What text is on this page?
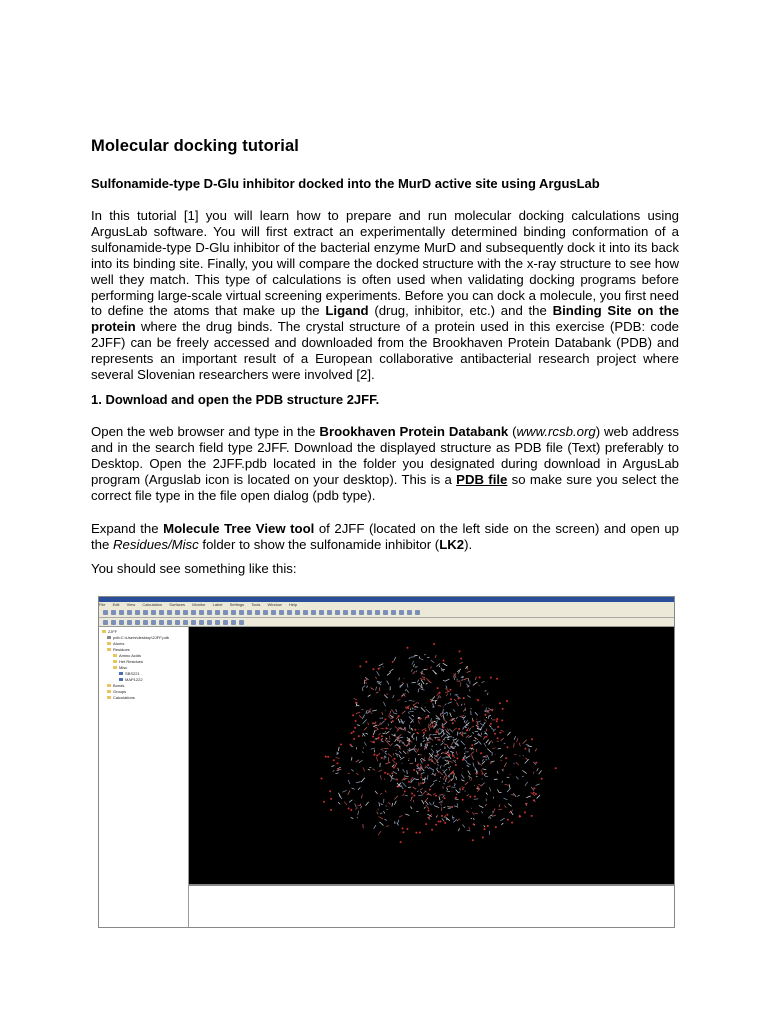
Molecular docking tutorial

Sulfonamide-type D-Glu inhibitor docked into the MurD active site using ArgusLab

In this tutorial [1] you will learn how to prepare and run molecular docking calculations using ArgusLab software. You will first extract an experimentally determined binding conformation of a sulfonamide-type D-Glu inhibitor of the bacterial enzyme MurD and subsequently dock it into its back into its binding site. Finally, you will compare the docked structure with the x-ray structure to see how well they match. This type of calculations is often used when validating docking programs before performing large-scale virtual screening experiments. Before you can dock a molecule, you first need to define the atoms that make up the Ligand (drug, inhibitor, etc.) and the Binding Site on the protein where the drug binds. The crystal structure of a protein used in this exercise (PDB: code 2JFF) can be freely accessed and downloaded from the Brookhaven Protein Databank (PDB) and represents an important result of a European collaborative antibacterial research project where several Slovenian researchers were involved [2].

1. Download and open the PDB structure 2JFF.

Open the web browser and type in the Brookhaven Protein Databank (www.rcsb.org) web address and in the search field type 2JFF. Download the displayed structure as PDB file (Text) preferably to Desktop. Open the 2JFF.pdb located in the folder you designated during download in ArgusLab program (Arguslab icon is located on your desktop). This is a PDB file so make sure you select the correct file type in the file open dialog (pdb type).

Expand the Molecule Tree View tool of 2JFF (located on the left side on the screen) and open up the Residues/Misc folder to show the sulfonamide inhibitor (LK2).

You should see something like this:

File Edit View Calculation Surfaces Monitor Label Settings Tools Window Help
2JFF
pdb:C:\Users\desktop\2JFF.pdb
Atoms
Residues
Amino Acids
Het Residues
Misc
SBS221
MAP1222
Bonds
Groups
Calculations
